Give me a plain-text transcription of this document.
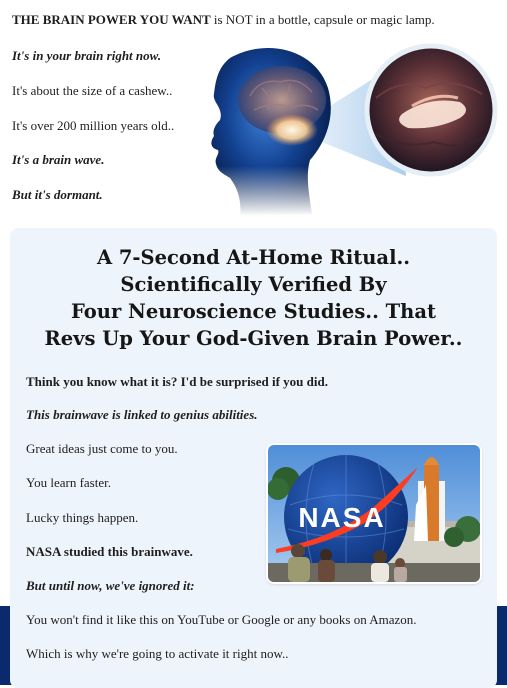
THE BRAIN POWER YOU WANT is NOT in a bottle, capsule or magic lamp.
It's in your brain right now.
It's about the size of a cashew..
It's over 200 million years old..
It's a brain wave.
But it's dormant.
A 7-Second At-Home Ritual..
Scientifically Verified By
Four Neuroscience Studies.. That
Revs Up Your God-Given Brain Power..
Think you know what it is? I'd be surprised if you did.
This brainwave is linked to genius abilities.
Great ideas just come to you.
You learn faster.
Lucky things happen.
NASA studied this brainwave.
But until now, we've ignored it:
You won't find it like this on YouTube or Google or any books on Amazon.
Which is why we're going to activate it right now..
NASA
